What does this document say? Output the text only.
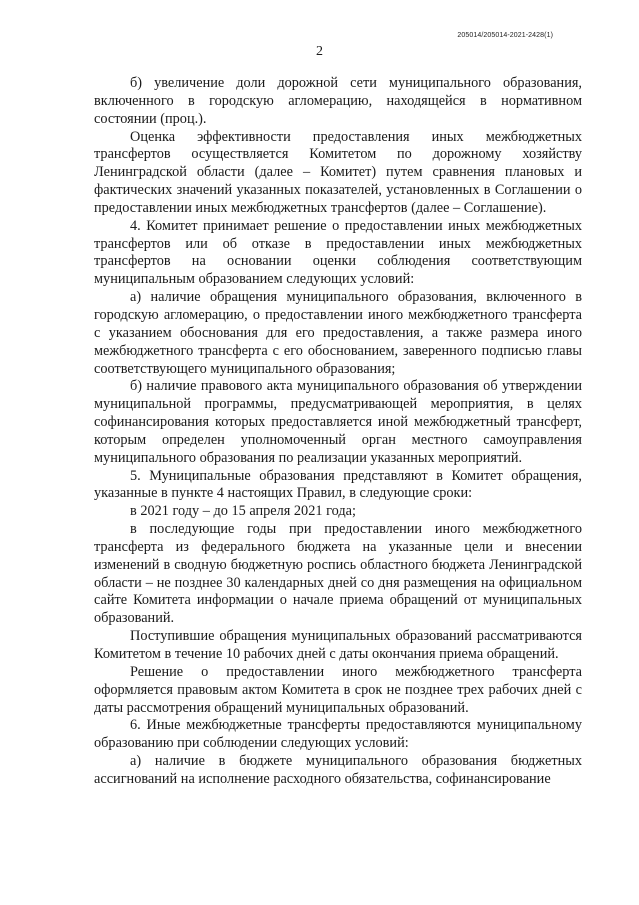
205014/205014-2021-2428(1)
2

б) увеличение доли дорожной сети муниципального образования, включенного в городскую агломерацию, находящейся в нормативном состоянии (проц.).

Оценка эффективности предоставления иных межбюджетных трансфертов осуществляется Комитетом по дорожному хозяйству Ленинградской области (далее – Комитет) путем сравнения плановых и фактических значений указанных показателей, установленных в Соглашении о предоставлении иных межбюджетных трансфертов (далее – Соглашение).

4. Комитет принимает решение о предоставлении иных межбюджетных трансфертов или об отказе в предоставлении иных межбюджетных трансфертов на основании оценки соблюдения соответствующим муниципальным образованием следующих условий:

а) наличие обращения муниципального образования, включенного в городскую агломерацию, о предоставлении иного межбюджетного трансферта с указанием обоснования для его предоставления, а также размера иного межбюджетного трансферта с его обоснованием, заверенного подписью главы соответствующего муниципального образования;

б) наличие правового акта муниципального образования об утверждении муниципальной программы, предусматривающей мероприятия, в целях софинансирования которых предоставляется иной межбюджетный трансферт, которым определен уполномоченный орган местного самоуправления муниципального образования по реализации указанных мероприятий.

5. Муниципальные образования представляют в Комитет обращения, указанные в пункте 4 настоящих Правил, в следующие сроки:

в 2021 году – до 15 апреля 2021 года;

в последующие годы при предоставлении иного межбюджетного трансферта из федерального бюджета на указанные цели и внесении изменений в сводную бюджетную роспись областного бюджета Ленинградской области – не позднее 30 календарных дней со дня размещения на официальном сайте Комитета информации о начале приема обращений от муниципальных образований.

Поступившие обращения муниципальных образований рассматриваются Комитетом в течение 10 рабочих дней с даты окончания приема обращений.

Решение о предоставлении иного межбюджетного трансферта оформляется правовым актом Комитета в срок не позднее трех рабочих дней с даты рассмотрения обращений муниципальных образований.

6. Иные межбюджетные трансферты предоставляются муниципальному образованию при соблюдении следующих условий:

а) наличие в бюджете муниципального образования бюджетных ассигнований на исполнение расходного обязательства, софинансирование
